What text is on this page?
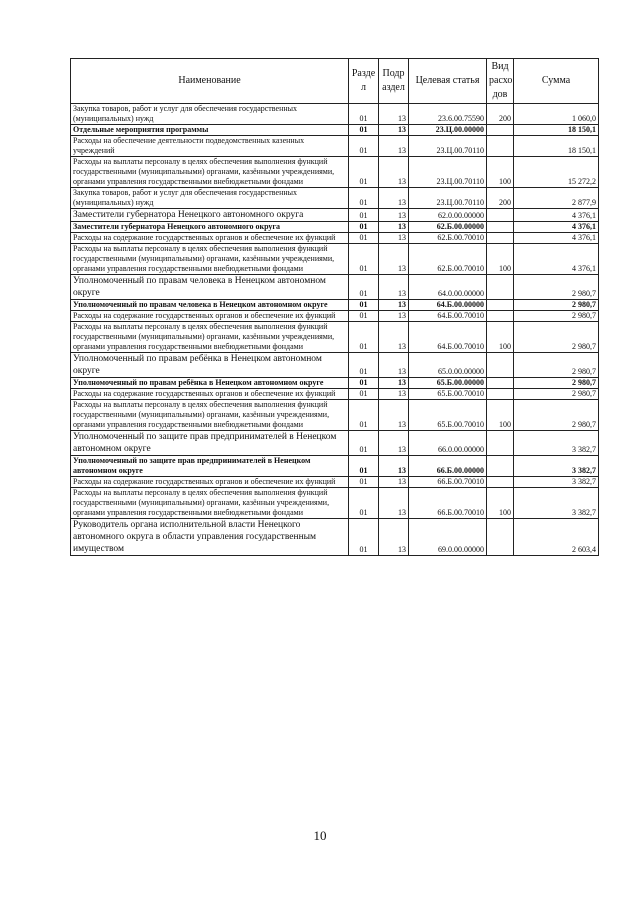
Наименование	Разде л	Подр аздел	Целевая статья	Вид расхо дов	Сумма
Закупка товаров, работ и услуг для обеспечения государственных (муниципальных) нужд	01	13	23.6.00.75590	200	1 060,0
Отдельные мероприятия программы	01	13	23.Ц.00.00000		18 150,1
Расходы на обеспечение деятельности подведомственных казенных учреждений	01	13	23.Ц.00.70110		18 150,1
Расходы на выплаты персоналу в целях обеспечения выполнения функций государственными (муниципальными) органами, казёнными учреждениями, органами управления государственными внебюджетными фондами	01	13	23.Ц.00.70110	100	15 272,2
Закупка товаров, работ и услуг для обеспечения государственных (муниципальных) нужд	01	13	23.Ц.00.70110	200	2 877,9
Заместители губернатора Ненецкого автономного округа	01	13	62.0.00.00000		4 376,1
Заместители губернатора Ненецкого автономного округа	01	13	62.Б.00.00000		4 376,1
Расходы на содержание государственных органов и обеспечение их функций	01	13	62.Б.00.70010		4 376,1
Расходы на выплаты персоналу в целях обеспечения выполнения функций государственными (муниципальными) органами, казёнными учреждениями, органами управления государственными внебюджетными фондами	01	13	62.Б.00.70010	100	4 376,1
Уполномоченный по правам человека в Ненецком автономном округе	01	13	64.0.00.00000		2 980,7
Уполномоченный по правам человека в Ненецком автономном округе	01	13	64.Б.00.00000		2 980,7
Расходы на содержание государственных органов и обеспечение их функций	01	13	64.Б.00.70010		2 980,7
Расходы на выплаты персоналу в целях обеспечения выполнения функций государственными (муниципальными) органами, казёнными учреждениями, органами управления государственными внебюджетными фондами	01	13	64.Б.00.70010	100	2 980,7
Уполномоченный по правам ребёнка в Ненецком автономном округе	01	13	65.0.00.00000		2 980,7
Уполномоченный по правам ребёнка в Ненецком автономном округе	01	13	65.Б.00.00000		2 980,7
Расходы на содержание государственных органов и обеспечение их функций	01	13	65.Б.00.70010		2 980,7
Расходы на выплаты персоналу в целях обеспечения выполнения функций государственными (муниципальными) органами, казённыи учреждениями, органами управления государственными внебюджетными фондами	01	13	65.Б.00.70010	100	2 980,7
Уполномоченный по защите прав предпринимателей в Ненецком автономном округе	01	13	66.0.00.00000		3 382,7
Уполномоченный по защите прав предпринимателей в Ненецком автономном округе	01	13	66.Б.00.00000		3 382,7
Расходы на содержание государственных органов и обеспечение их функций	01	13	66.Б.00.70010		3 382,7
Расходы на выплаты персоналу в целях обеспечения выполнения функций государственными (муниципальными) органами, казённыи учреждениями, органами управления государственными внебюджетными фондами	01	13	66.Б.00.70010	100	3 382,7
Руководитель органа исполнительной власти Ненецкого автономного округа в области управления государственным имуществом	01	13	69.0.00.00000		2 603,4
10
